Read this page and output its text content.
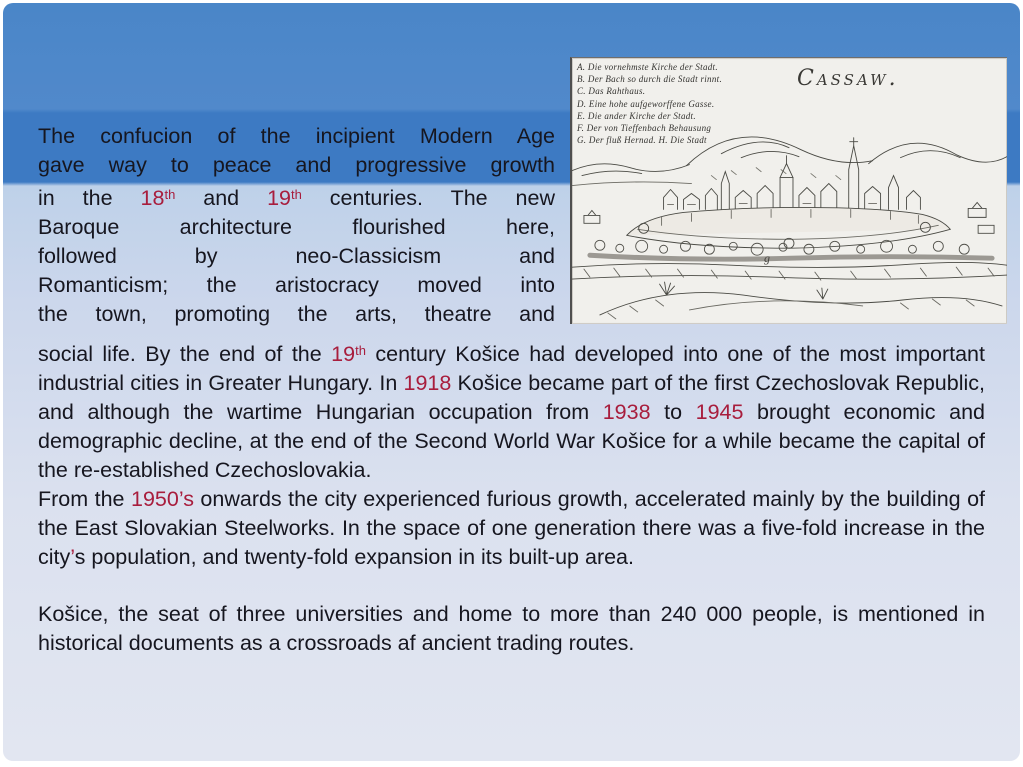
The confucion of the incipient Modern Age
gave way to peace and progressive growth
in the 18th and 19th centuries. The new
Baroque architecture flourished here,
followed by neo-Classicism and
Romanticism; the aristocracy moved into
the town, promoting the arts, theatre and
social life. By the end of the 19th century Košice had developed into one of the most important industrial cities in Greater Hungary. In 1918 Košice became part of the first Czechoslovak Republic, and although the wartime Hungarian occupation from 1938 to 1945 brought economic and demographic decline, at the end of the Second World War Košice for a while became the capital of the re-established Czechoslovakia.
From the 1950’s onwards the city experienced furious growth, accelerated mainly by the building of the East Slovakian Steelworks. In the space of one generation there was a five-fold increase in the city’s population, and twenty-fold expansion in its built-up area.
Košice, the seat of three universities and home to more than 240 000 people, is mentioned in historical documents as a crossroads af ancient trading routes.
A. Die vornehmste Kirche der Stadt.
B. Der Bach so durch die Stadt rinnt.
C. Das Rahthaus.
D. Eine hohe aufgeworffene Gasse.
E. Die ander Kirche der Stadt.
F. Der von Tieffenbach Behausung
G. Der fluß Hernad. H. Die Stadt
Cassaw.
g
